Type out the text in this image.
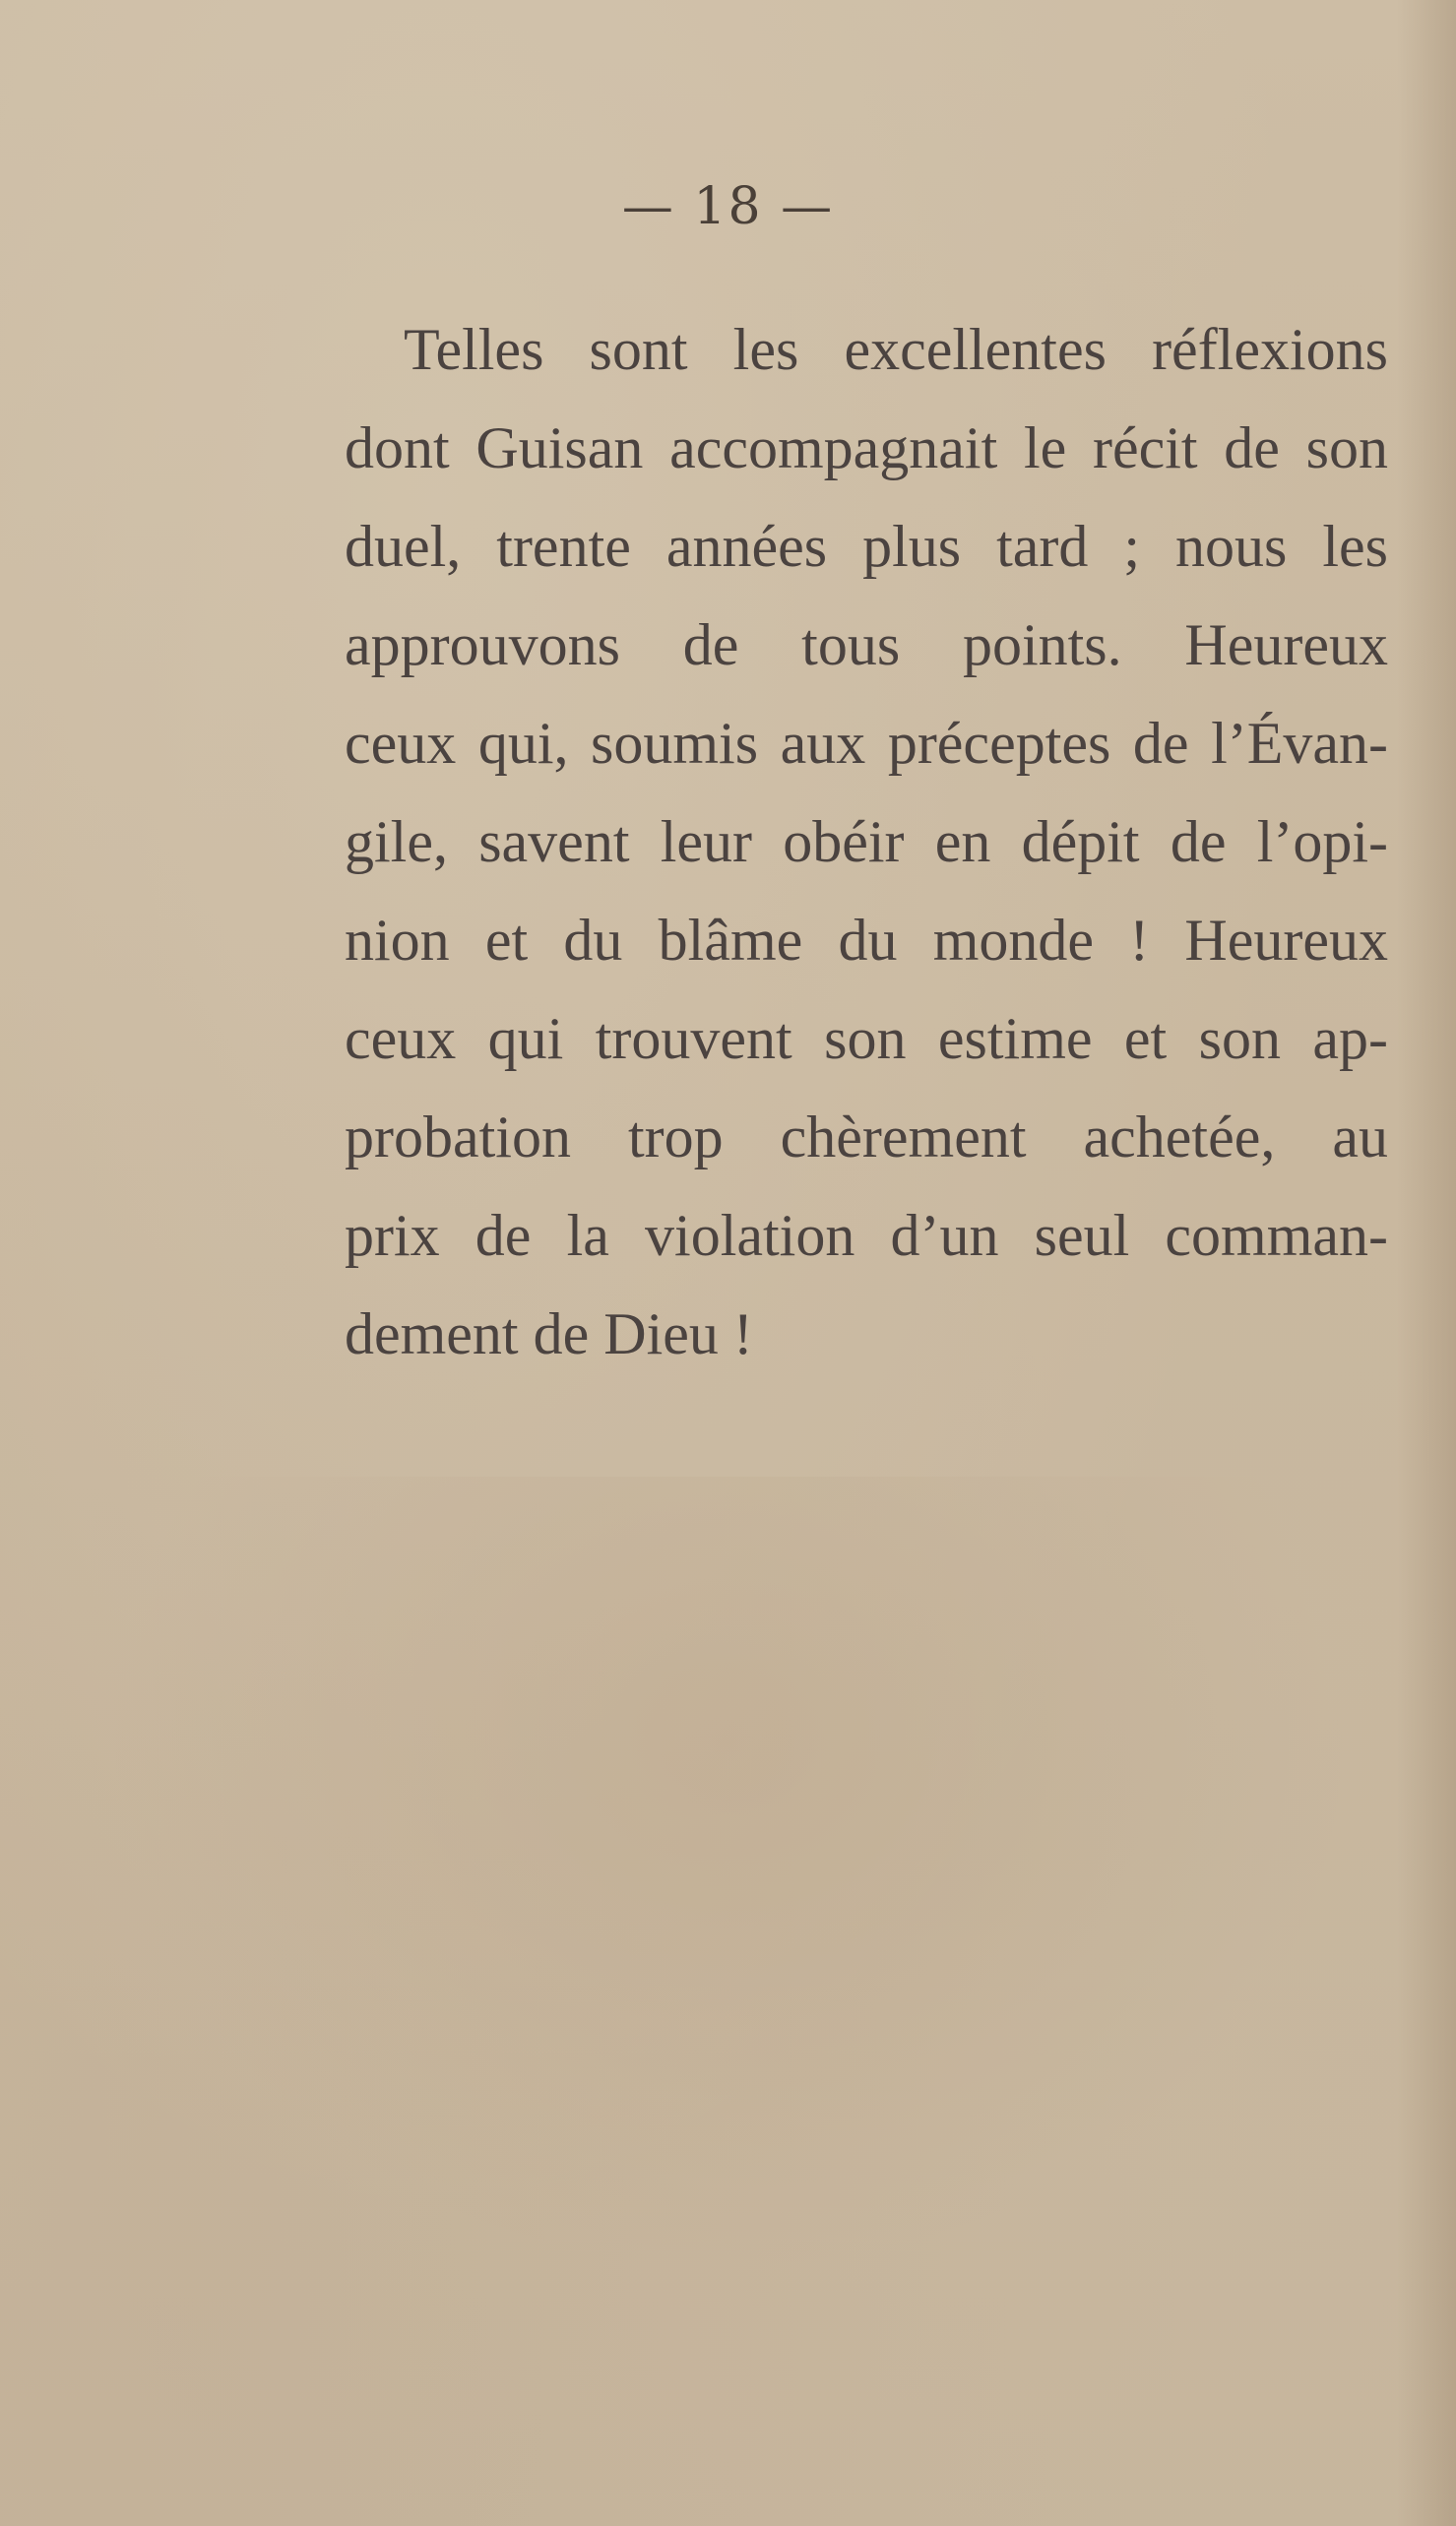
— 18 —
Telles sont les excellentes réflexions
dont Guisan accompagnait le récit de son
duel, trente années plus tard ; nous les
approuvons de tous points. Heureux
ceux qui, soumis aux préceptes de l’Évan-
gile, savent leur obéir en dépit de l’opi-
nion et du blâme du monde ! Heureux
ceux qui trouvent son estime et son ap-
probation trop chèrement achetée, au
prix de la violation d’un seul comman-
dement de Dieu !
